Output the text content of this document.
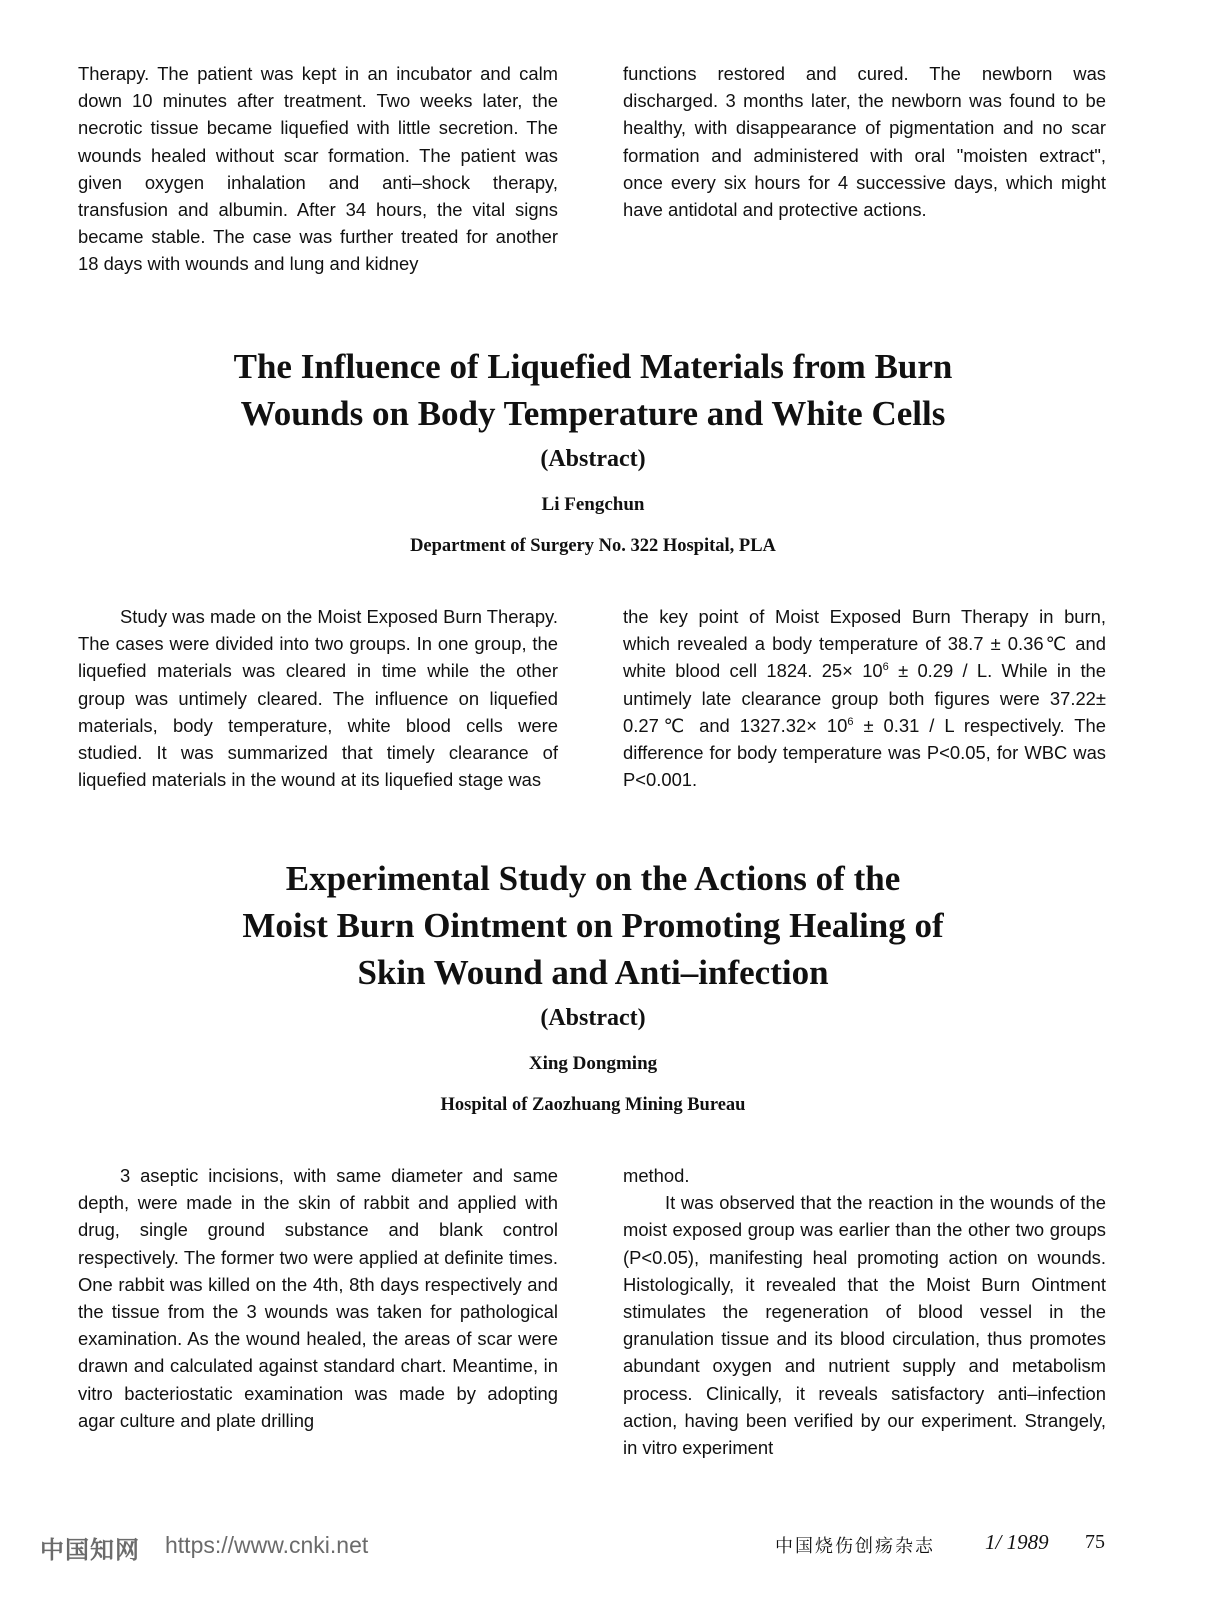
Therapy. The patient was kept in an incubator and calm down 10 minutes after treatment. Two weeks later, the necrotic tissue became liquefied with little secretion. The wounds healed without scar formation. The patient was given oxygen inhalation and anti–shock therapy, transfusion and albumin. After 34 hours, the vital signs became stable. The case was further treated for another 18 days with wounds and lung and kidney

functions restored and cured. The newborn was discharged. 3 months later, the newborn was found to be healthy, with disappearance of pigmentation and no scar formation and administered with oral "moisten extract", once every six hours for 4 successive days, which might have antidotal and protective actions.

The Influence of Liquefied Materials from Burn
Wounds on Body Temperature and White Cells
(Abstract)
Li Fengchun
Department of Surgery No. 322 Hospital, PLA

Study was made on the Moist Exposed Burn Therapy. The cases were divided into two groups. In one group, the liquefied materials was cleared in time while the other group was untimely cleared. The influence on liquefied materials, body temperature, white blood cells were studied. It was summarized that timely clearance of liquefied materials in the wound at its liquefied stage was

the key point of Moist Exposed Burn Therapy in burn, which revealed a body temperature of 38.7 ± 0.36℃ and white blood cell 1824. $25\times 10^6 \pm 0.29 / L$. While in the untimely late clearance group both figures were 37.22± 0.27℃ and $1327.32\times 10^6 \pm 0.31 / L$ respectively. The difference for body temperature was P<0.05, for WBC was P<0.001.

Experimental Study on the Actions of the
Moist Burn Ointment on Promoting Healing of
Skin Wound and Anti–infection
(Abstract)
Xing Dongming
Hospital of Zaozhuang Mining Bureau

3 aseptic incisions, with same diameter and same depth, were made in the skin of rabbit and applied with drug, single ground substance and blank control respectively. The former two were applied at definite times. One rabbit was killed on the 4th, 8th days respectively and the tissue from the 3 wounds was taken for pathological examination. As the wound healed, the areas of scar were drawn and calculated against standard chart. Meantime, in vitro bacteriostatic examination was made by adopting agar culture and plate drilling

method.

It was observed that the reaction in the wounds of the moist exposed group was earlier than the other two groups (P<0.05), manifesting heal promoting action on wounds. Histologically, it revealed that the Moist Burn Ointment stimulates the regeneration of blood vessel in the granulation tissue and its blood circulation, thus promotes abundant oxygen and nutrient supply and metabolism process. Clinically, it reveals satisfactory anti–infection action, having been verified by our experiment. Strangely, in vitro experiment

中国知网 https://www.cnki.net	中国烧伤创疡杂志 1/ 1989 75
